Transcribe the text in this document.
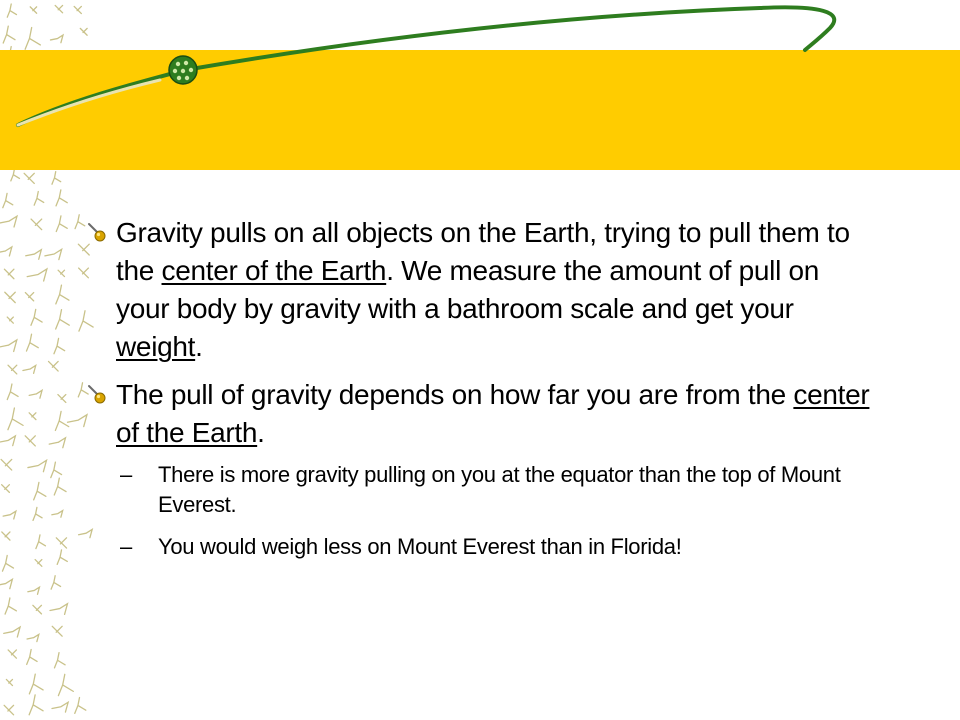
Gravity pulls on all objects on the Earth, trying to pull them to the center of the Earth. We measure the amount of pull on your body by gravity with a bathroom scale and get your weight.
The pull of gravity depends on how far you are from the center of the Earth.
–	There is more gravity pulling on you at the equator than the top of Mount Everest.
–	You would weigh less on Mount Everest than in Florida!
